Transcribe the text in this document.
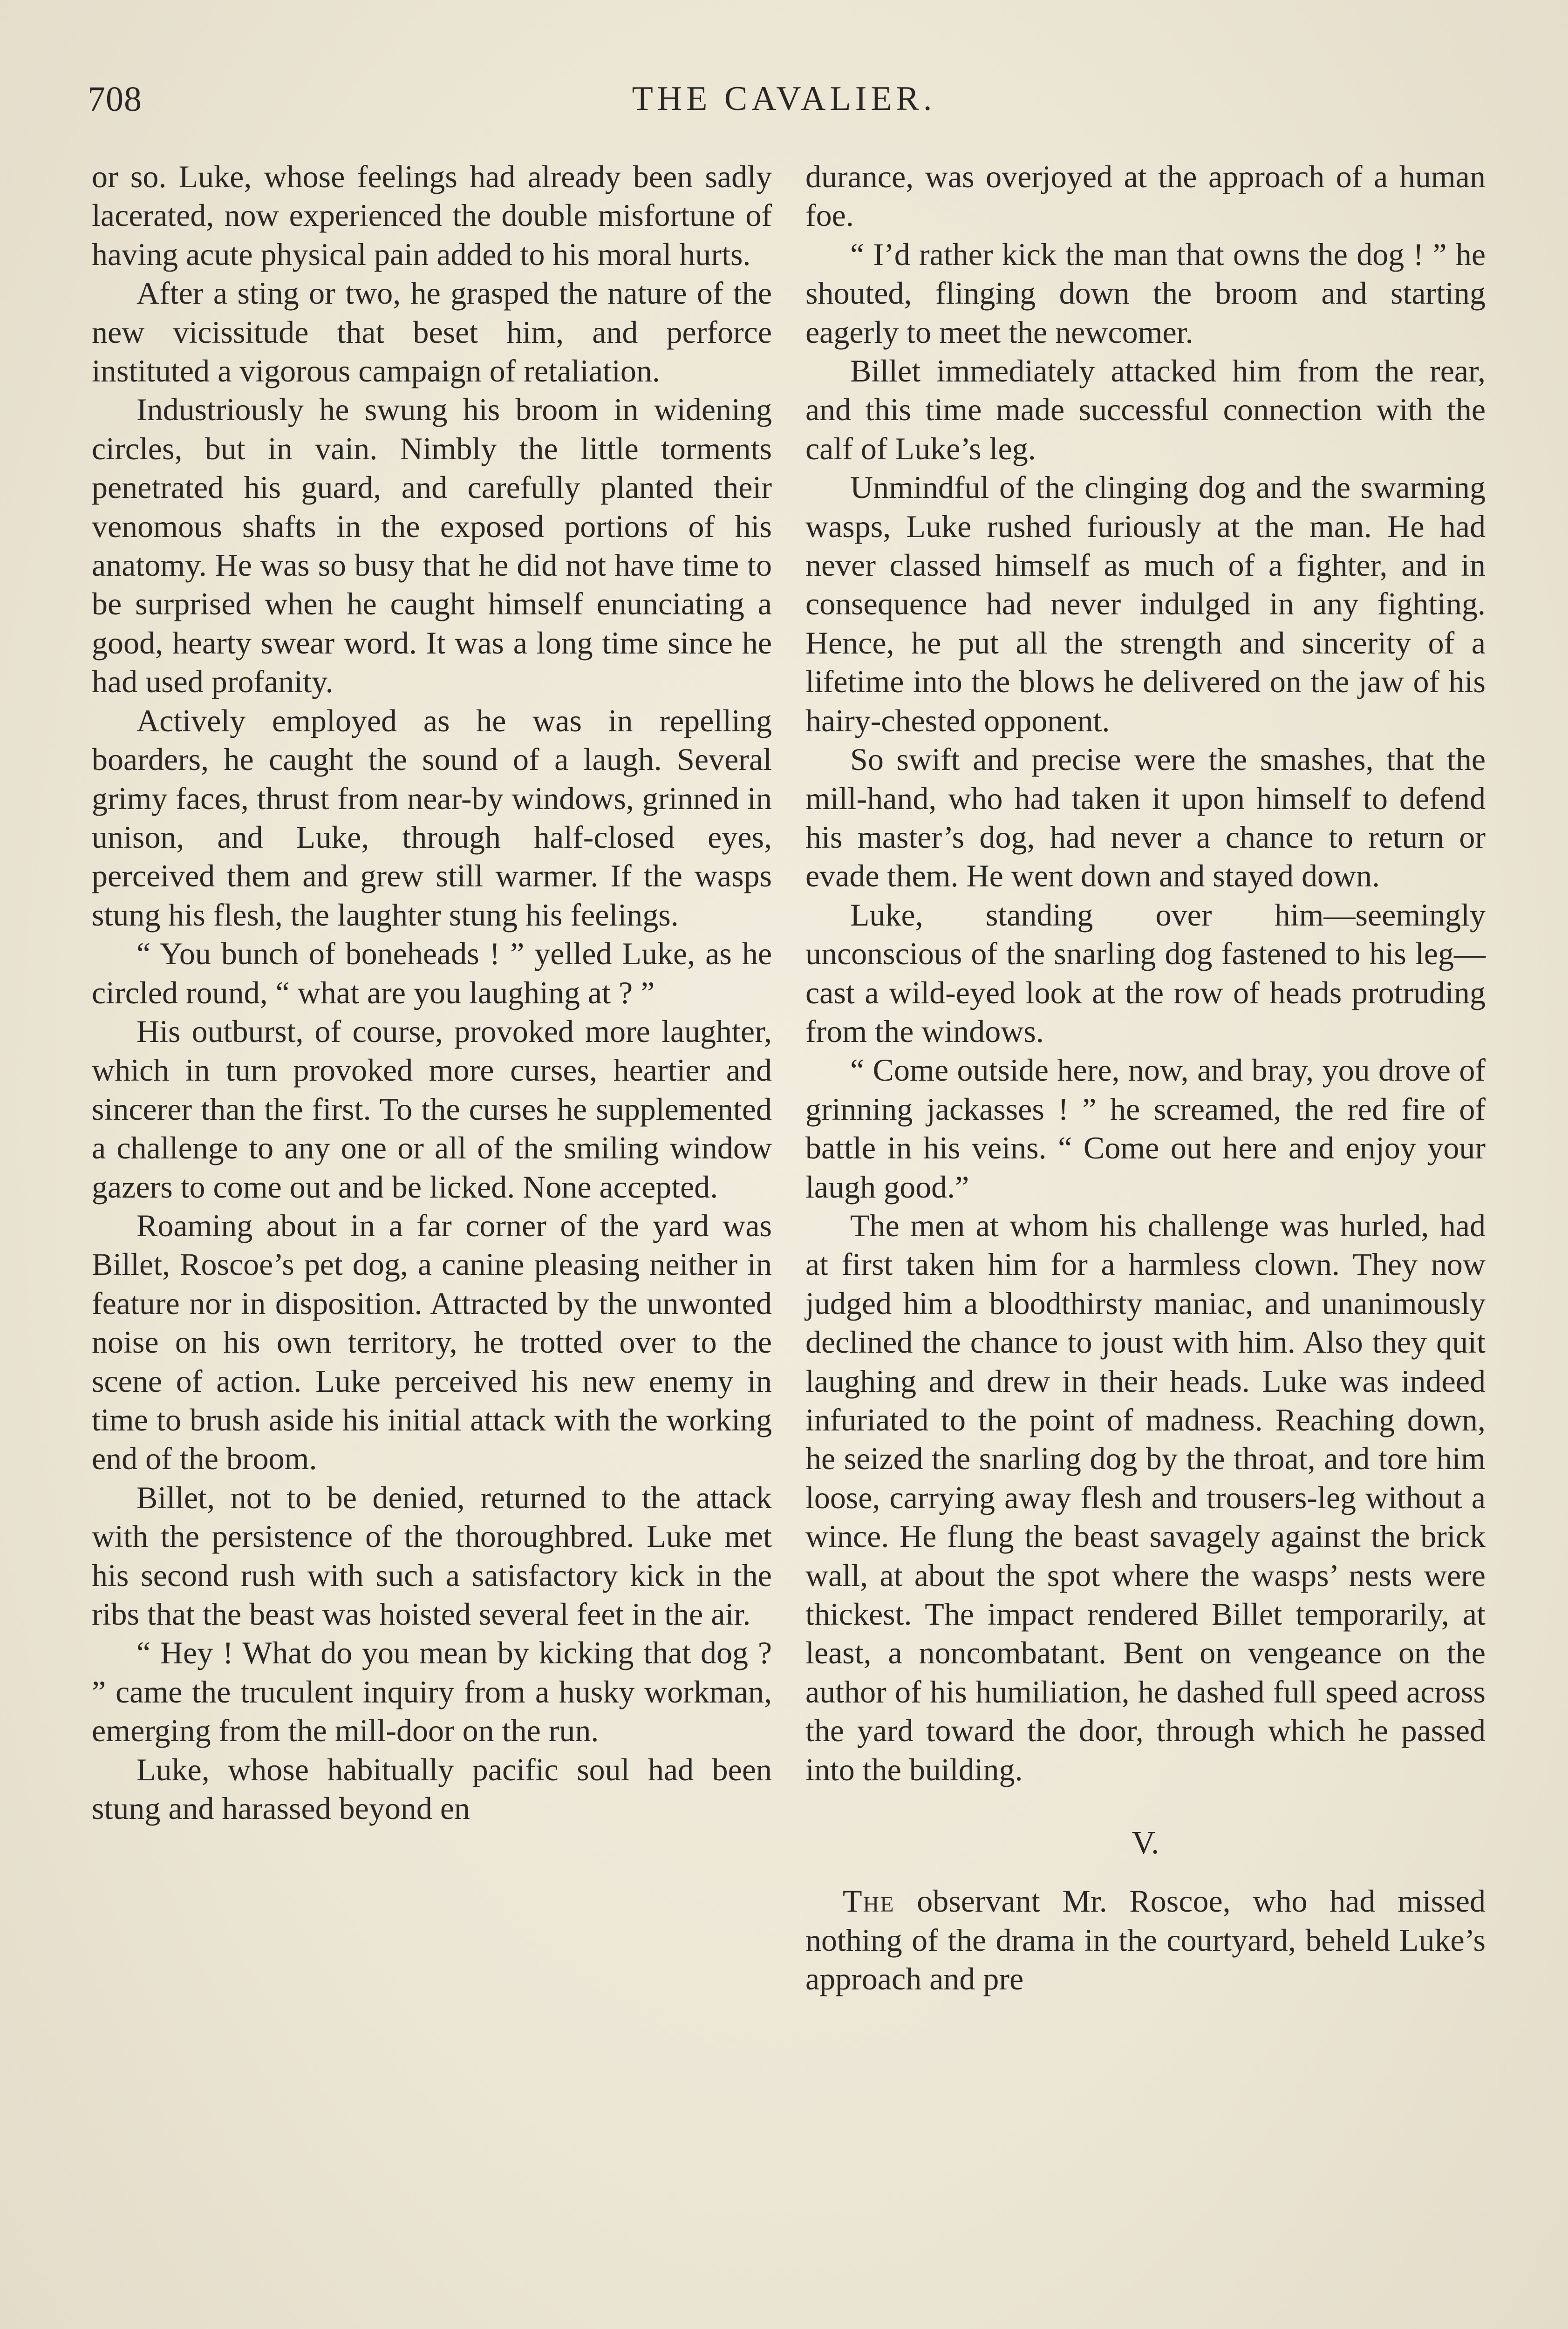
THE CAVALIER.
708

or so. Luke, whose feelings had already been sadly lacerated, now experienced the double misfortune of having acute physical pain added to his moral hurts.

After a sting or two, he grasped the nature of the new vicissitude that beset him, and perforce instituted a vigorous campaign of retaliation.

Industriously he swung his broom in widening circles, but in vain. Nimbly the little torments penetrated his guard, and carefully planted their venomous shafts in the exposed portions of his anatomy. He was so busy that he did not have time to be surprised when he caught himself enunciating a good, hearty swear word. It was a long time since he had used profanity.

Actively employed as he was in repelling boarders, he caught the sound of a laugh. Several grimy faces, thrust from near-by windows, grinned in unison, and Luke, through half-closed eyes, perceived them and grew still warmer. If the wasps stung his flesh, the laughter stung his feelings.

“ You bunch of boneheads ! ” yelled Luke, as he circled round, “ what are you laughing at ? ”

His outburst, of course, provoked more laughter, which in turn provoked more curses, heartier and sincerer than the first. To the curses he supplemented a challenge to any one or all of the smiling window gazers to come out and be licked. None accepted.

Roaming about in a far corner of the yard was Billet, Roscoe’s pet dog, a canine pleasing neither in feature nor in disposition. Attracted by the unwonted noise on his own territory, he trotted over to the scene of action. Luke perceived his new enemy in time to brush aside his initial attack with the working end of the broom.

Billet, not to be denied, returned to the attack with the persistence of the thoroughbred. Luke met his second rush with such a satisfactory kick in the ribs that the beast was hoisted several feet in the air.

“ Hey ! What do you mean by kicking that dog ? ” came the truculent inquiry from a husky workman, emerging from the mill-door on the run.

Luke, whose habitually pacific soul had been stung and harassed beyond en

durance, was overjoyed at the approach of a human foe.

“ I’d rather kick the man that owns the dog ! ” he shouted, flinging down the broom and starting eagerly to meet the newcomer.

Billet immediately attacked him from the rear, and this time made successful connection with the calf of Luke’s leg.

Unmindful of the clinging dog and the swarming wasps, Luke rushed furiously at the man. He had never classed himself as much of a fighter, and in consequence had never indulged in any fighting. Hence, he put all the strength and sincerity of a lifetime into the blows he delivered on the jaw of his hairy-chested opponent.

So swift and precise were the smashes, that the mill-hand, who had taken it upon himself to defend his master’s dog, had never a chance to return or evade them. He went down and stayed down.

Luke, standing over him—seemingly unconscious of the snarling dog fastened to his leg—cast a wild-eyed look at the row of heads protruding from the windows.

“ Come outside here, now, and bray, you drove of grinning jackasses ! ” he screamed, the red fire of battle in his veins. “ Come out here and enjoy your laugh good.”

The men at whom his challenge was hurled, had at first taken him for a harmless clown. They now judged him a bloodthirsty maniac, and unanimously declined the chance to joust with him. Also they quit laughing and drew in their heads. Luke was indeed infuriated to the point of madness. Reaching down, he seized the snarling dog by the throat, and tore him loose, carrying away flesh and trousers-leg without a wince. He flung the beast savagely against the brick wall, at about the spot where the wasps’ nests were thickest. The impact rendered Billet temporarily, at least, a noncombatant. Bent on vengeance on the author of his humiliation, he dashed full speed across the yard toward the door, through which he passed into the building.

V.

The observant Mr. Roscoe, who had missed nothing of the drama in the courtyard, beheld Luke’s approach and pre
